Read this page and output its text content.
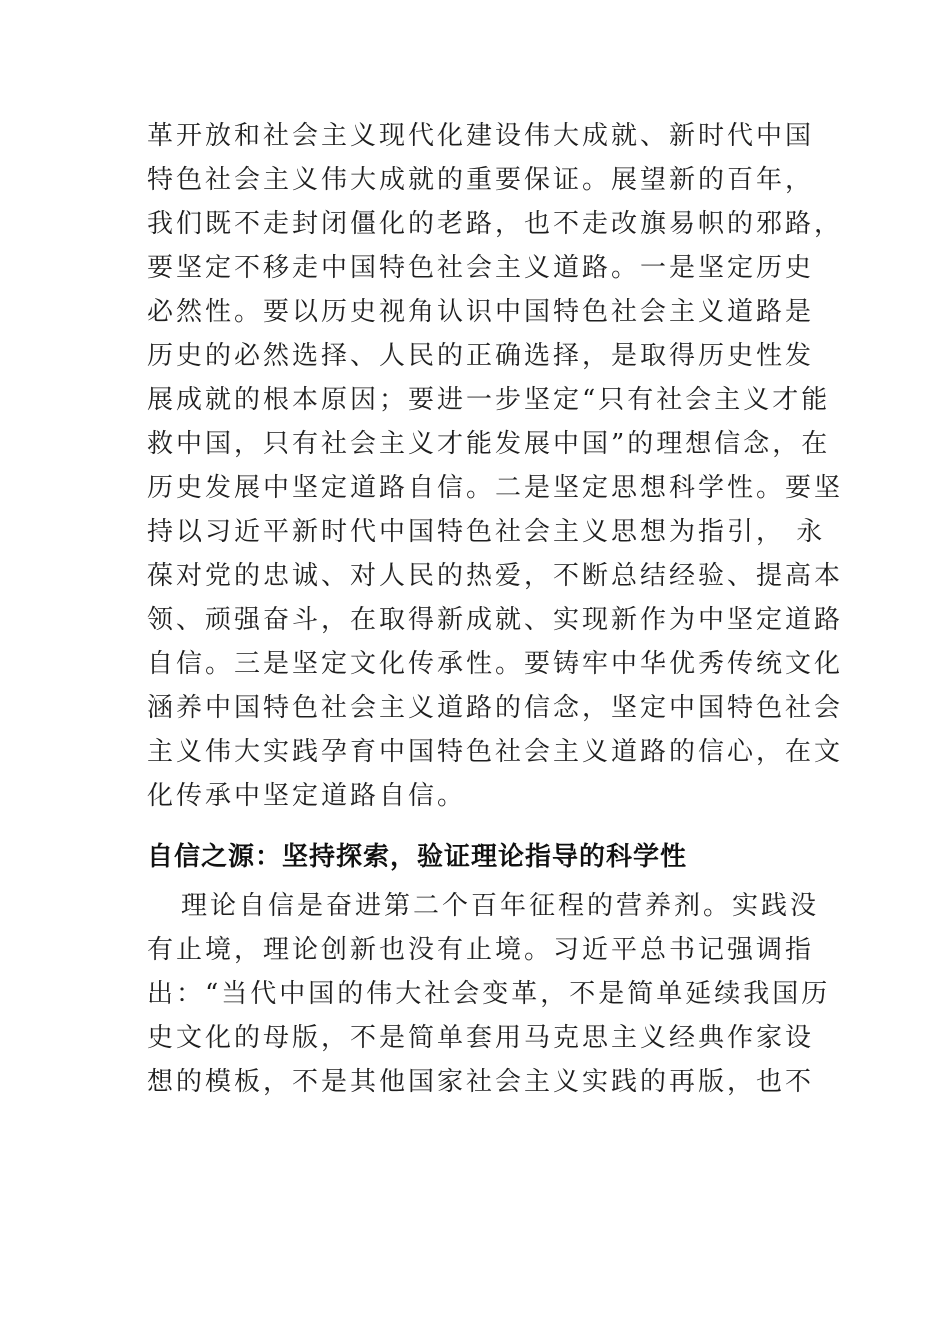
革开放和社会主义现代化建设伟大成就、新时代中国
特色社会主义伟大成就的重要保证。展望新的百年，
我们既不走封闭僵化的老路，也不走改旗易帜的邪路，
要坚定不移走中国特色社会主义道路。一是坚定历史
必然性。要以历史视角认识中国特色社会主义道路是
历史的必然选择、人民的正确选择，是取得历史性发
展成就的根本原因；要进一步坚定“只有社会主义才能
救中国，只有社会主义才能发展中国”的理想信念，在
历史发展中坚定道路自信。二是坚定思想科学性。要坚
持以习近平新时代中国特色社会主义思想为指引， 永
葆对党的忠诚、对人民的热爱，不断总结经验、提高本
领、顽强奋斗，在取得新成就、实现新作为中坚定道路
自信。三是坚定文化传承性。要铸牢中华优秀传统文化
涵养中国特色社会主义道路的信念，坚定中国特色社会
主义伟大实践孕育中国特色社会主义道路的信心，在文
化传承中坚定道路自信。
自信之源：坚持探索，验证理论指导的科学性
理论自信是奋进第二个百年征程的营养剂。实践没
有止境，理论创新也没有止境。习近平总书记强调指
出：“当代中国的伟大社会变革，不是简单延续我国历
史文化的母版，不是简单套用马克思主义经典作家设
想的模板，不是其他国家社会主义实践的再版，也不
